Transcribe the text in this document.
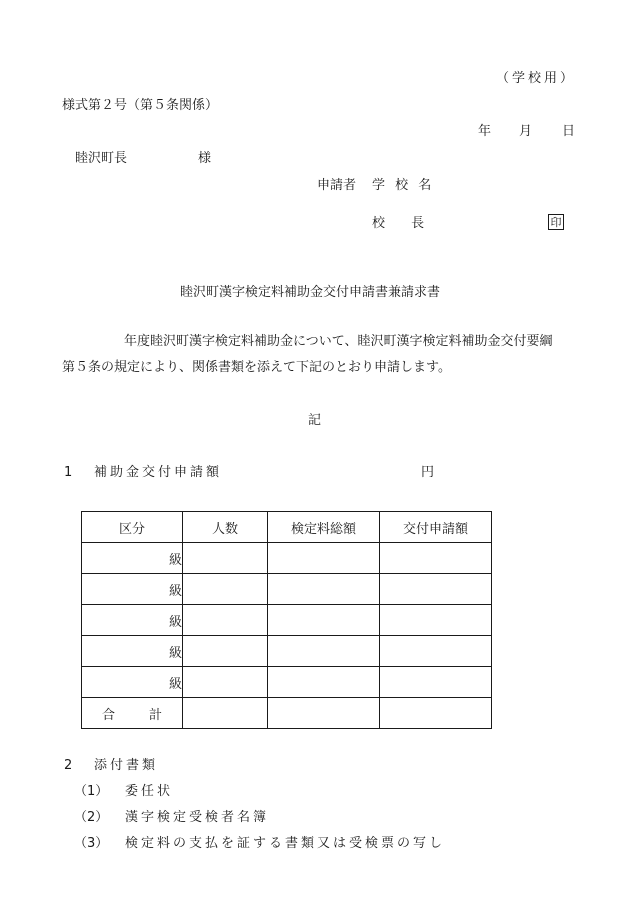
（学校用）
様式第２号（第５条関係）
年 月 日
睦沢町長	様
申請者 学 校 名
校　 長	印
睦沢町漢字検定料補助金交付申請書兼請求書
年度睦沢町漢字検定料補助金について、睦沢町漢字検定料補助金交付要綱
第５条の規定により、関係書類を添えて下記のとおり申請します。
記
1 補助金交付申請額	円
区分	人数	検定料総額	交付申請額
級			
級			
級			
級			
級			
合 計			
2 添付書類
（1） 委任状
（2） 漢字検定受検者名簿
（3） 検定料の支払を証する書類又は受検票の写し
